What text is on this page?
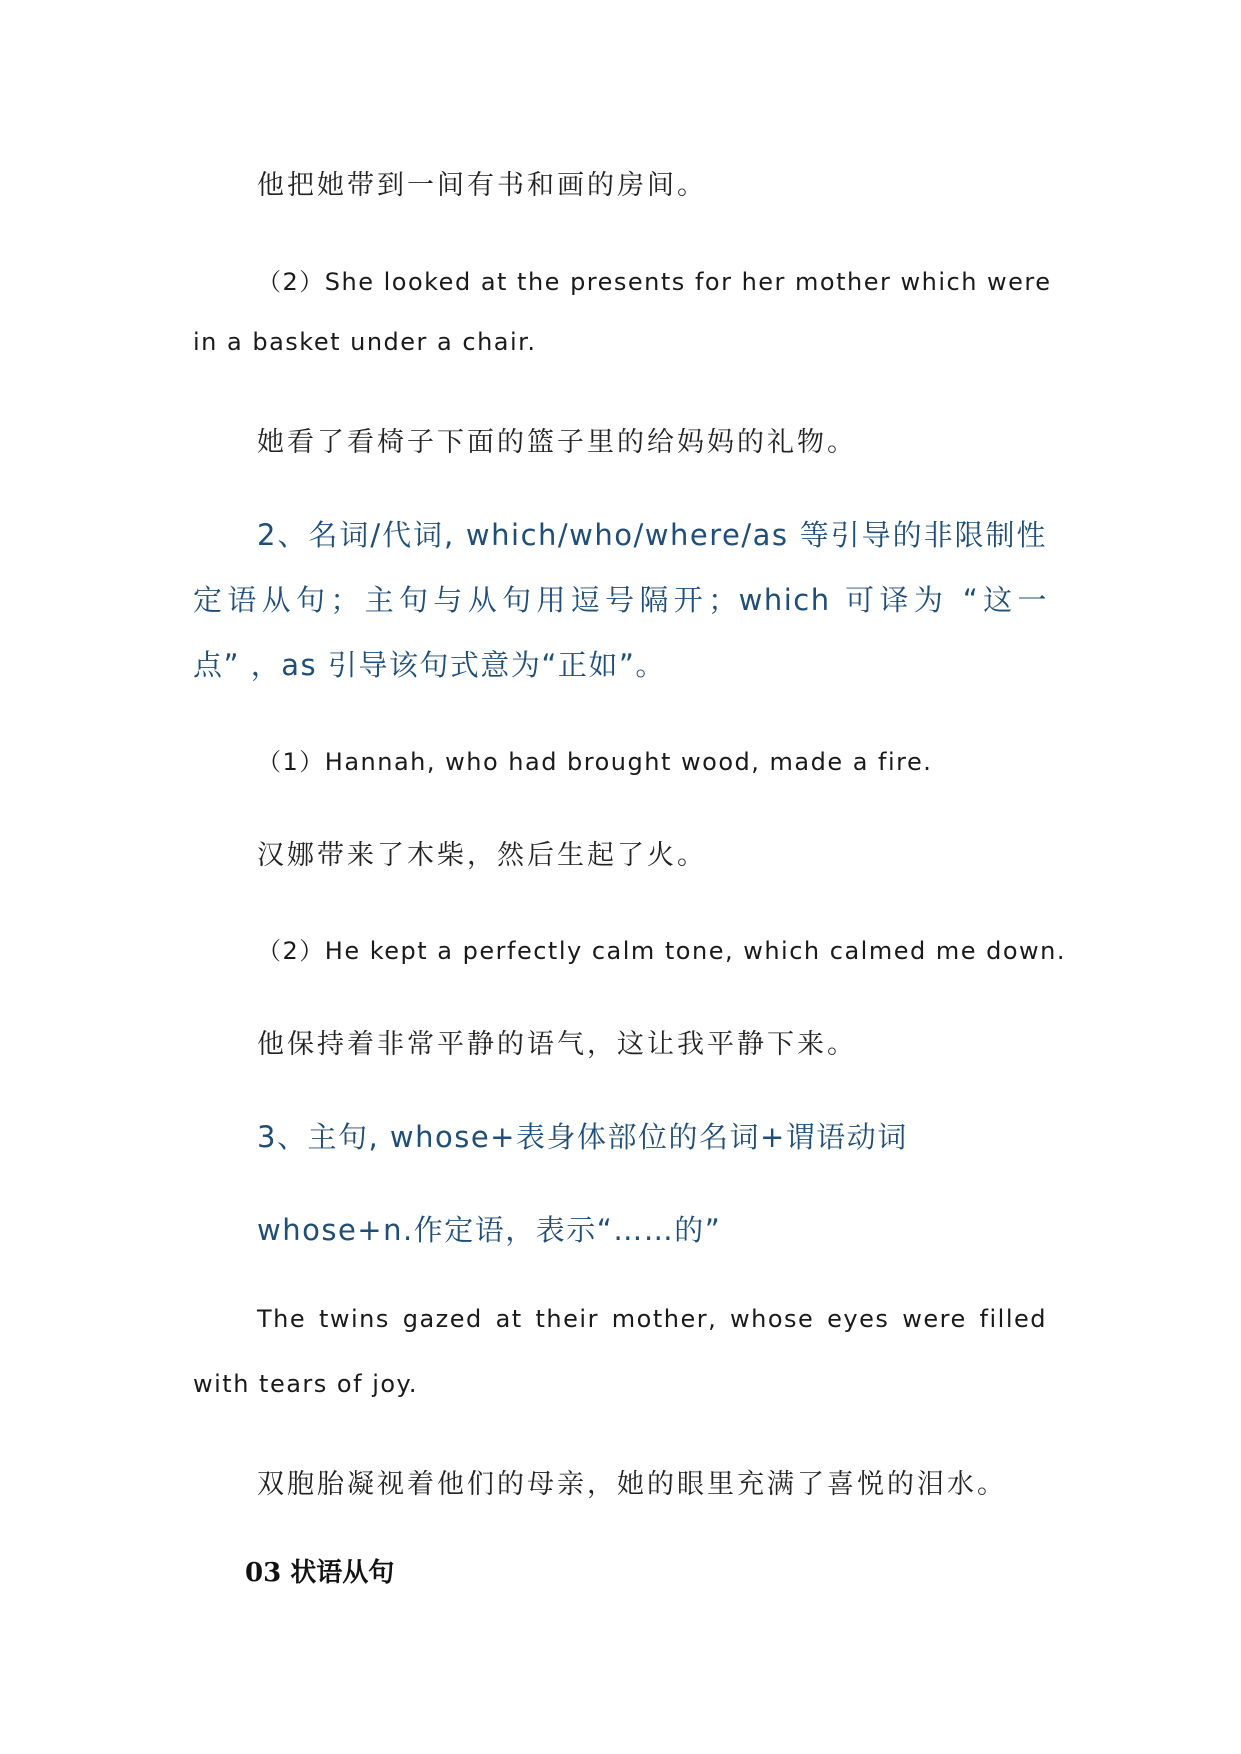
他把她带到一间有书和画的房间。

（2）She looked at the presents for her mother which were

in a basket under a chair.

她看了看椅子下面的篮子里的给妈妈的礼物。

2、名词/代词, which/who/where/as 等引导的非限制性

定语从句；主句与从句用逗号隔开；which 可译为 “这一

点” ，as 引导该句式意为“正如”。

（1）Hannah, who had brought wood, made a fire.

汉娜带来了木柴，然后生起了火。

（2）He kept a perfectly calm tone, which calmed me down.

他保持着非常平静的语气，这让我平静下来。

3、主句, whose+表身体部位的名词+谓语动词

whose+n.作定语，表示“……的”

The twins gazed at their mother, whose eyes were filled

with tears of joy.

双胞胎凝视着他们的母亲，她的眼里充满了喜悦的泪水。

03 状语从句
